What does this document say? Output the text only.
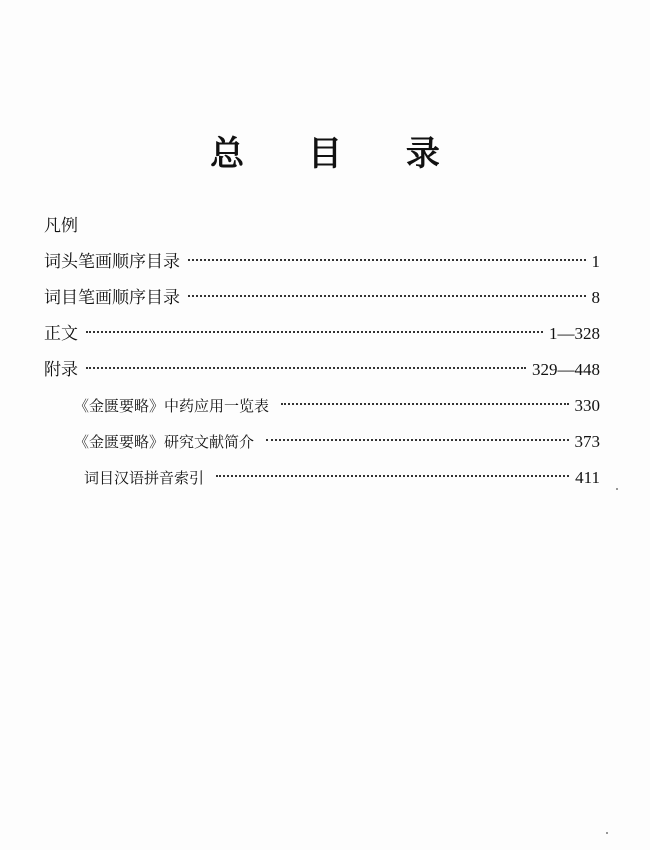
总 目 录
凡例
词头笔画顺序目录	1
词目笔画顺序目录	8
正文	1—328
附录	329—448
《金匮要略》中药应用一览表	330
《金匮要略》研究文献简介	373
词目汉语拼音索引	411
